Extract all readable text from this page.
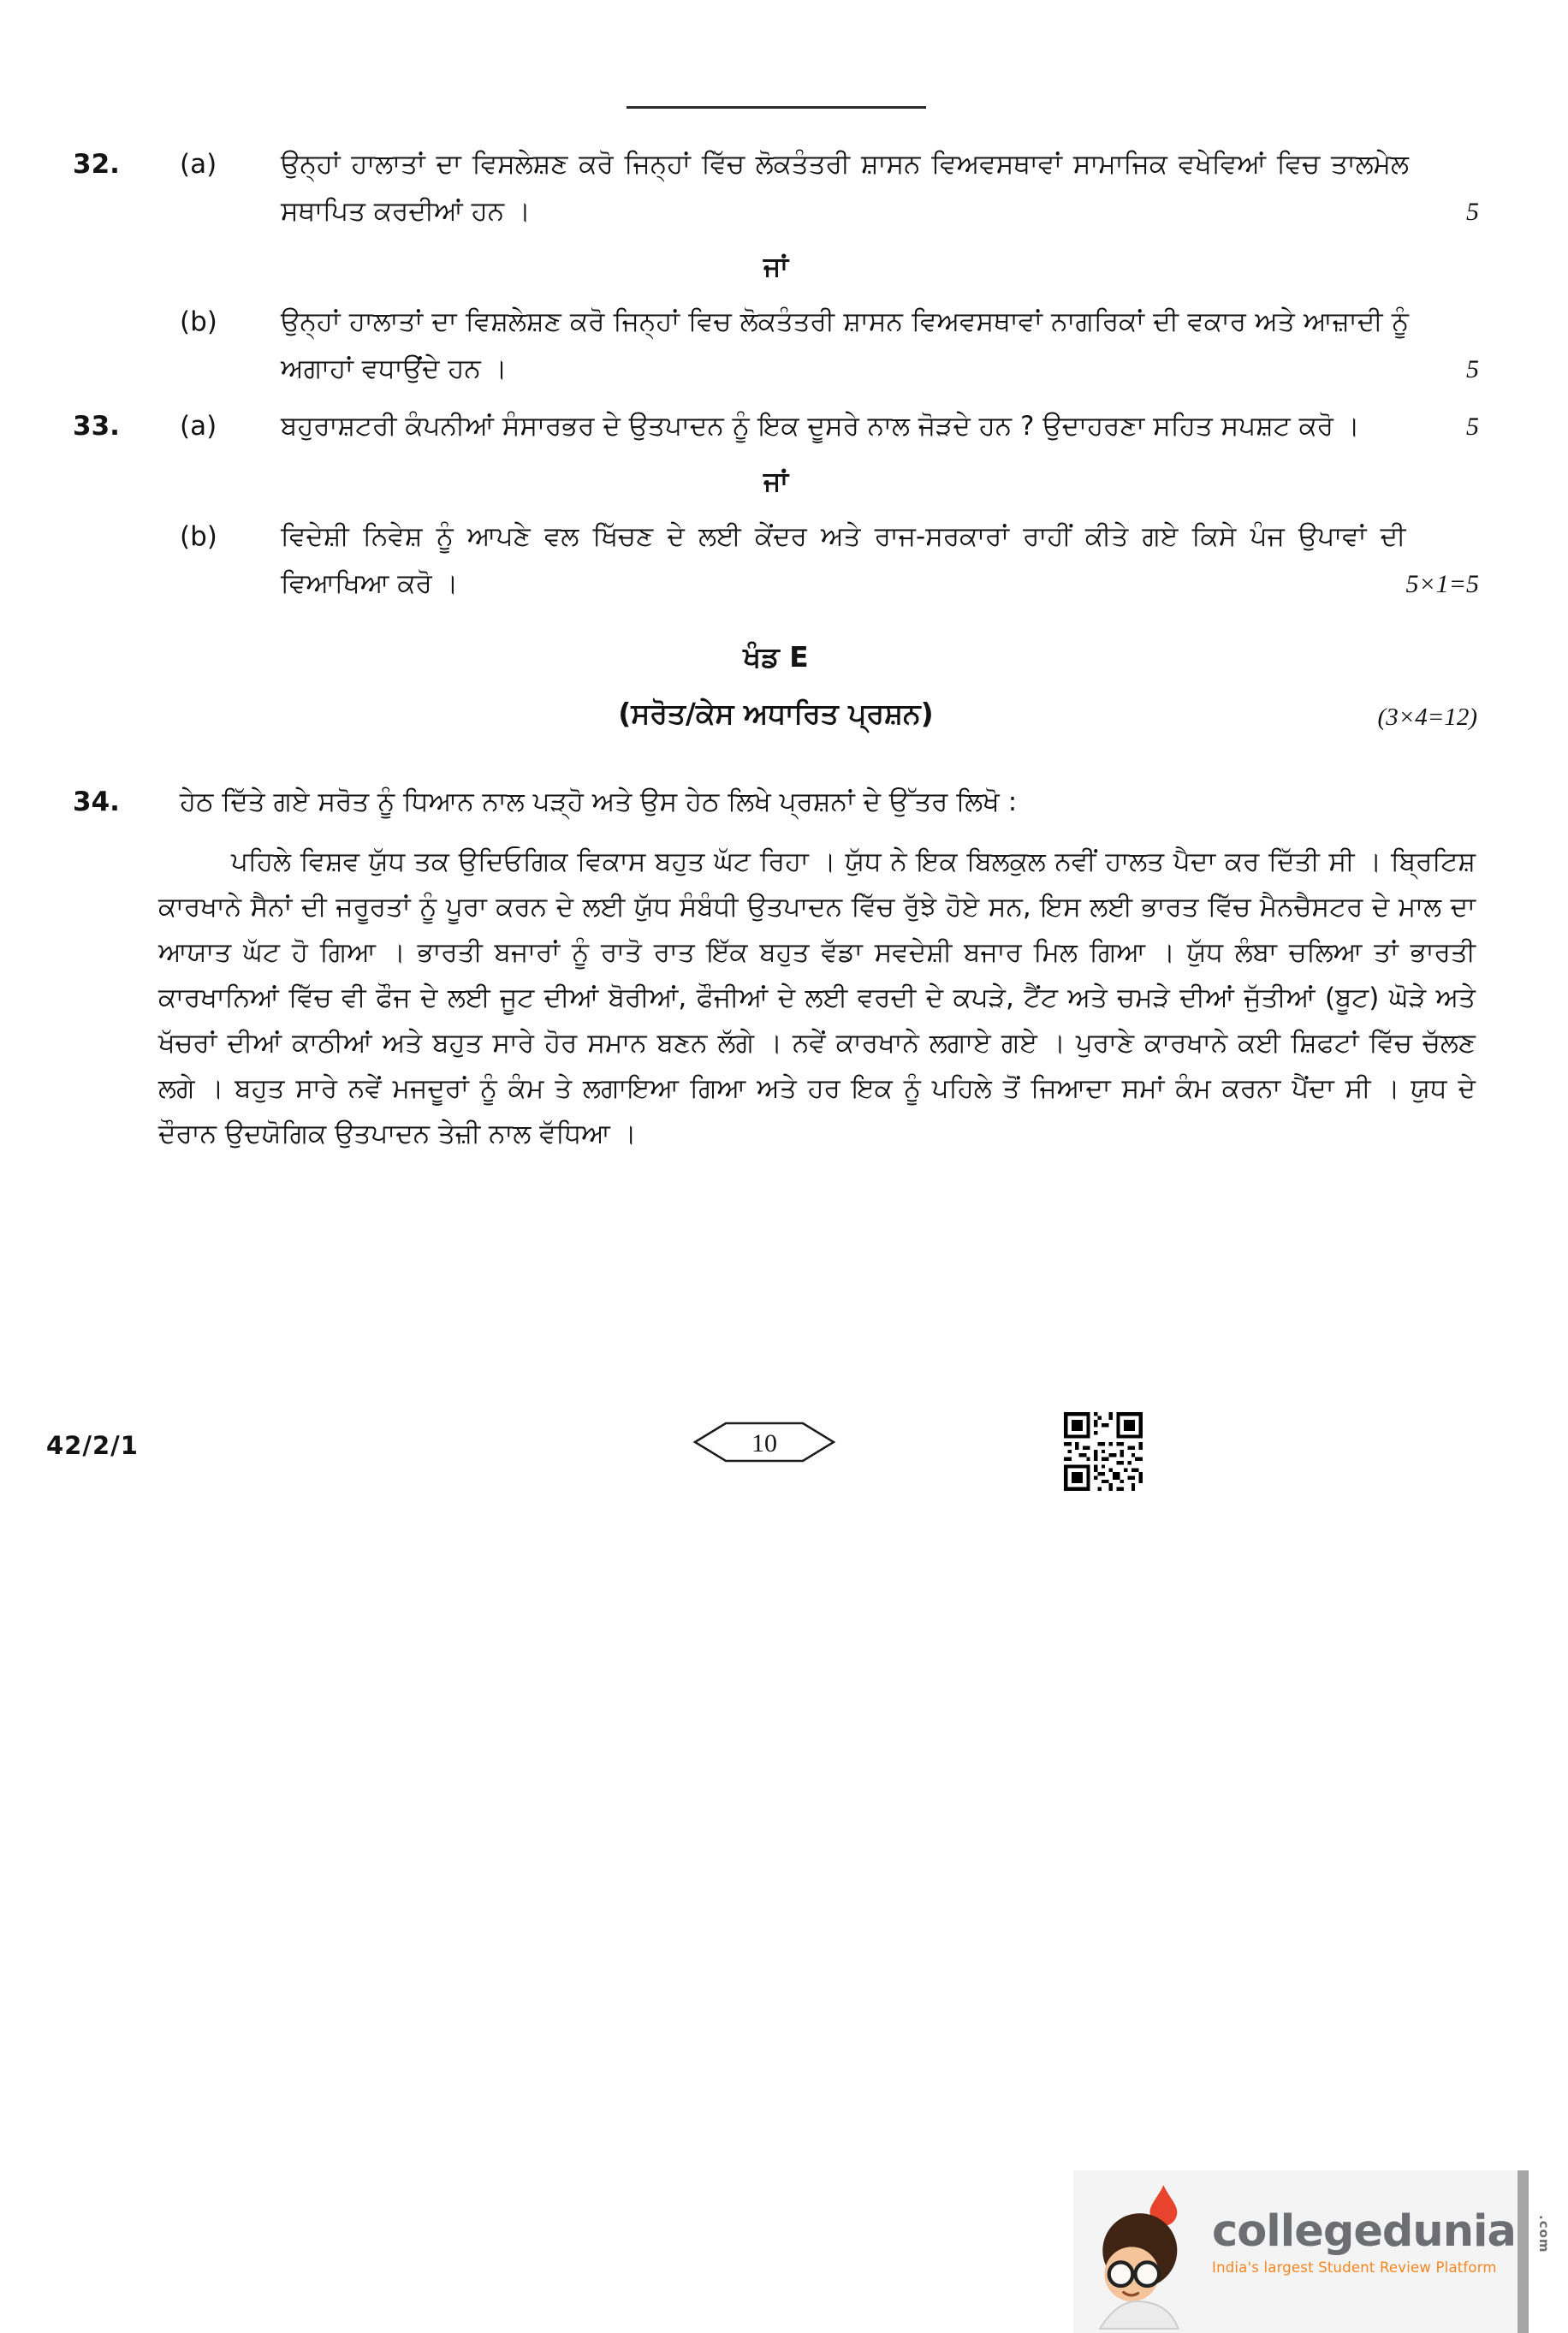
32.	(a)	ਉਨ੍ਹਾਂ ਹਾਲਾਤਾਂ ਦਾ ਵਿਸਲੇਸ਼ਣ ਕਰੋ ਜਿਨ੍ਹਾਂ ਵਿੱਚ ਲੋਕਤੰਤਰੀ ਸ਼ਾਸਨ ਵਿਅਵਸਥਾਵਾਂ ਸਾਮਾਜਿਕ ਵਖੇਵਿਆਂ ਵਿਚ ਤਾਲਮੇਲ ਸਥਾਪਿਤ ਕਰਦੀਆਂ ਹਨ ।	5
ਜਾਂ
(b)	ਉਨ੍ਹਾਂ ਹਾਲਾਤਾਂ ਦਾ ਵਿਸ਼ਲੇਸ਼ਣ ਕਰੋ ਜਿਨ੍ਹਾਂ ਵਿਚ ਲੋਕਤੰਤਰੀ ਸ਼ਾਸਨ ਵਿਅਵਸਥਾਵਾਂ ਨਾਗਰਿਕਾਂ ਦੀ ਵਕਾਰ ਅਤੇ ਆਜ਼ਾਦੀ ਨੂੰ ਅਗਾਹਾਂ ਵਧਾਉਂਦੇ ਹਨ ।	5
33.	(a)	ਬਹੁਰਾਸ਼ਟਰੀ ਕੰਪਨੀਆਂ ਸੰਸਾਰਭਰ ਦੇ ਉਤਪਾਦਨ ਨੂੰ ਇਕ ਦੂਸਰੇ ਨਾਲ ਜੋੜਦੇ ਹਨ ? ਉਦਾਹਰਣਾ ਸਹਿਤ ਸਪਸ਼ਟ ਕਰੋ ।	5
ਜਾਂ
(b)	ਵਿਦੇਸ਼ੀ ਨਿਵੇਸ਼ ਨੂੰ ਆਪਣੇ ਵਲ ਖਿੱਚਣ ਦੇ ਲਈ ਕੇਂਦਰ ਅਤੇ ਰਾਜ-ਸਰਕਾਰਾਂ ਰਾਹੀਂ ਕੀਤੇ ਗਏ ਕਿਸੇ ਪੰਜ ਉਪਾਵਾਂ ਦੀ ਵਿਆਖਿਆ ਕਰੋ ।	5×1=5
ਖੰਡ E
(ਸਰੋਤ/ਕੇਸ ਅਧਾਰਿਤ ਪ੍ਰਸ਼ਨ)	(3×4=12)
34.	ਹੇਠ ਦਿੱਤੇ ਗਏ ਸਰੋਤ ਨੂੰ ਧਿਆਨ ਨਾਲ ਪੜ੍ਹੋ ਅਤੇ ਉਸ ਹੇਠ ਲਿਖੇ ਪ੍ਰਸ਼ਨਾਂ ਦੇ ਉੱਤਰ ਲਿਖੋ :

ਪਹਿਲੇ ਵਿਸ਼ਵ ਯੁੱਧ ਤਕ ਉਦਿਓਗਿਕ ਵਿਕਾਸ ਬਹੁਤ ਘੱਟ ਰਿਹਾ । ਯੁੱਧ ਨੇ ਇਕ ਬਿਲਕੁਲ ਨਵੀਂ ਹਾਲਤ ਪੈਦਾ ਕਰ ਦਿੱਤੀ ਸੀ । ਬ੍ਰਿਟਿਸ਼ ਕਾਰਖਾਨੇ ਸੈਨਾਂ ਦੀ ਜਰੂਰਤਾਂ ਨੂੰ ਪੂਰਾ ਕਰਨ ਦੇ ਲਈ ਯੁੱਧ ਸੰਬੰਧੀ ਉਤਪਾਦਨ ਵਿੱਚ ਰੁੱਝੇ ਹੋਏ ਸਨ, ਇਸ ਲਈ ਭਾਰਤ ਵਿੱਚ ਮੈਨਚੈਸਟਰ ਦੇ ਮਾਲ ਦਾ ਆਯਾਤ ਘੱਟ ਹੋ ਗਿਆ । ਭਾਰਤੀ ਬਜਾਰਾਂ ਨੂੰ ਰਾਤੋ ਰਾਤ ਇੱਕ ਬਹੁਤ ਵੱਡਾ ਸਵਦੇਸ਼ੀ ਬਜਾਰ ਮਿਲ ਗਿਆ । ਯੁੱਧ ਲੰਬਾ ਚਲਿਆ ਤਾਂ ਭਾਰਤੀ ਕਾਰਖਾਨਿਆਂ ਵਿੱਚ ਵੀ ਫੌਜ ਦੇ ਲਈ ਜੂਟ ਦੀਆਂ ਬੋਰੀਆਂ, ਫੌਜੀਆਂ ਦੇ ਲਈ ਵਰਦੀ ਦੇ ਕਪੜੇ, ਟੈਂਟ ਅਤੇ ਚਮੜੇ ਦੀਆਂ ਜੁੱਤੀਆਂ (ਬੂਟ) ਘੋੜੇ ਅਤੇ ਖੱਚਰਾਂ ਦੀਆਂ ਕਾਠੀਆਂ ਅਤੇ ਬਹੁਤ ਸਾਰੇ ਹੋਰ ਸਮਾਨ ਬਣਨ ਲੱਗੇ । ਨਵੇਂ ਕਾਰਖਾਨੇ ਲਗਾਏ ਗਏ । ਪੁਰਾਣੇ ਕਾਰਖਾਨੇ ਕਈ ਸ਼ਿਫਟਾਂ ਵਿੱਚ ਚੱਲਣ ਲਗੇ । ਬਹੁਤ ਸਾਰੇ ਨਵੇਂ ਮਜਦੂਰਾਂ ਨੂੰ ਕੰਮ ਤੇ ਲਗਾਇਆ ਗਿਆ ਅਤੇ ਹਰ ਇਕ ਨੂੰ ਪਹਿਲੇ ਤੋਂ ਜਿਆਦਾ ਸਮਾਂ ਕੰਮ ਕਰਨਾ ਪੈਂਦਾ ਸੀ । ਯੁਧ ਦੇ ਦੌਰਾਨ ਉਦਯੋਗਿਕ ਉਤਪਾਦਨ ਤੇਜ਼ੀ ਨਾਲ ਵੱਧਿਆ ।

42/2/1	10
collegedunia	.com
India's largest Student Review Platform
